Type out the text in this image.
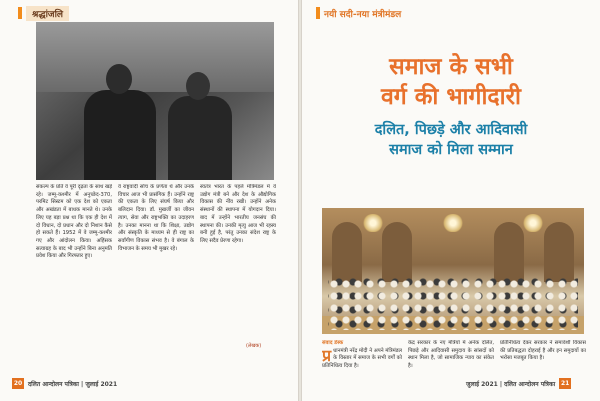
श्रद्धांजलि

संकल्प के प्रति वे पूरी दृढ़ता के साथ खड़े रहे। जम्मू-कश्मीर में अनुच्छेद-370, परमिट सिस्टम को एक देश को एकता और अखंडता में बाधक मानते थे। उनके लिए यह बड़ा प्रश्न था कि एक ही देश में दो विधान, दो प्रधान और दो निशान कैसे हो सकते हैं। 1952 में वे जम्मू-कश्मीर गए और आंदोलन किया। अहिंसक सत्याग्रह के बाद भी उन्होंने बिना अनुमति प्रवेश किया और गिरफ्तार हुए।

वे राष्ट्रवादी सोच के प्रणेता थे और उनके विचार आज भी प्रासंगिक हैं। उन्होंने राष्ट्र की एकता के लिए संघर्ष किया और बलिदान दिया। डॉ. मुखर्जी का जीवन त्याग, सेवा और राष्ट्रभक्ति का उदाहरण है। उनका मानना था कि शिक्षा, उद्योग और संस्कृति के माध्यम से ही राष्ट्र का सर्वांगीण विकास संभव है। वे बंगाल के विभाजन के समय भी मुखर रहे।

स्वतंत्र भारत के पहले मंत्रिमंडल में वे उद्योग मंत्री बने और देश के औद्योगिक विकास की नींव रखी। उन्होंने अनेक संस्थानों की स्थापना में योगदान दिया। बाद में उन्होंने भारतीय जनसंघ की स्थापना की। उनकी मृत्यु आज भी रहस्य बनी हुई है, परंतु उनका संदेश राष्ट्र के लिए सदैव प्रेरणा रहेगा।

(लेखक)
20 दलित आन्दोलन पत्रिका | जुलाई 2021
नयी सदी-नया मंत्रीमंडल
समाज के सभी
वर्ग की भागीदारी
दलित, पिछड़े और आदिवासी
समाज को मिला सम्मान
संवाद डेस्क
प्र धानमंत्री नरेंद्र मोदी ने अपने मंत्रिमंडल के विस्तार में समाज के सभी वर्गों को प्रतिनिधित्व दिया है।

केंद्र सरकार के नए मंत्रियों में अनेक दलित, पिछड़े और आदिवासी समुदाय के सांसदों को स्थान मिला है, जो सामाजिक न्याय का संकेत है।

प्रतिनिधित्व देकर सरकार ने समावेशी विकास की प्रतिबद्धता दोहराई है और इन समुदायों का भरोसा मजबूत किया है।

जुलाई 2021 | दलित आन्दोलन पत्रिका 21
